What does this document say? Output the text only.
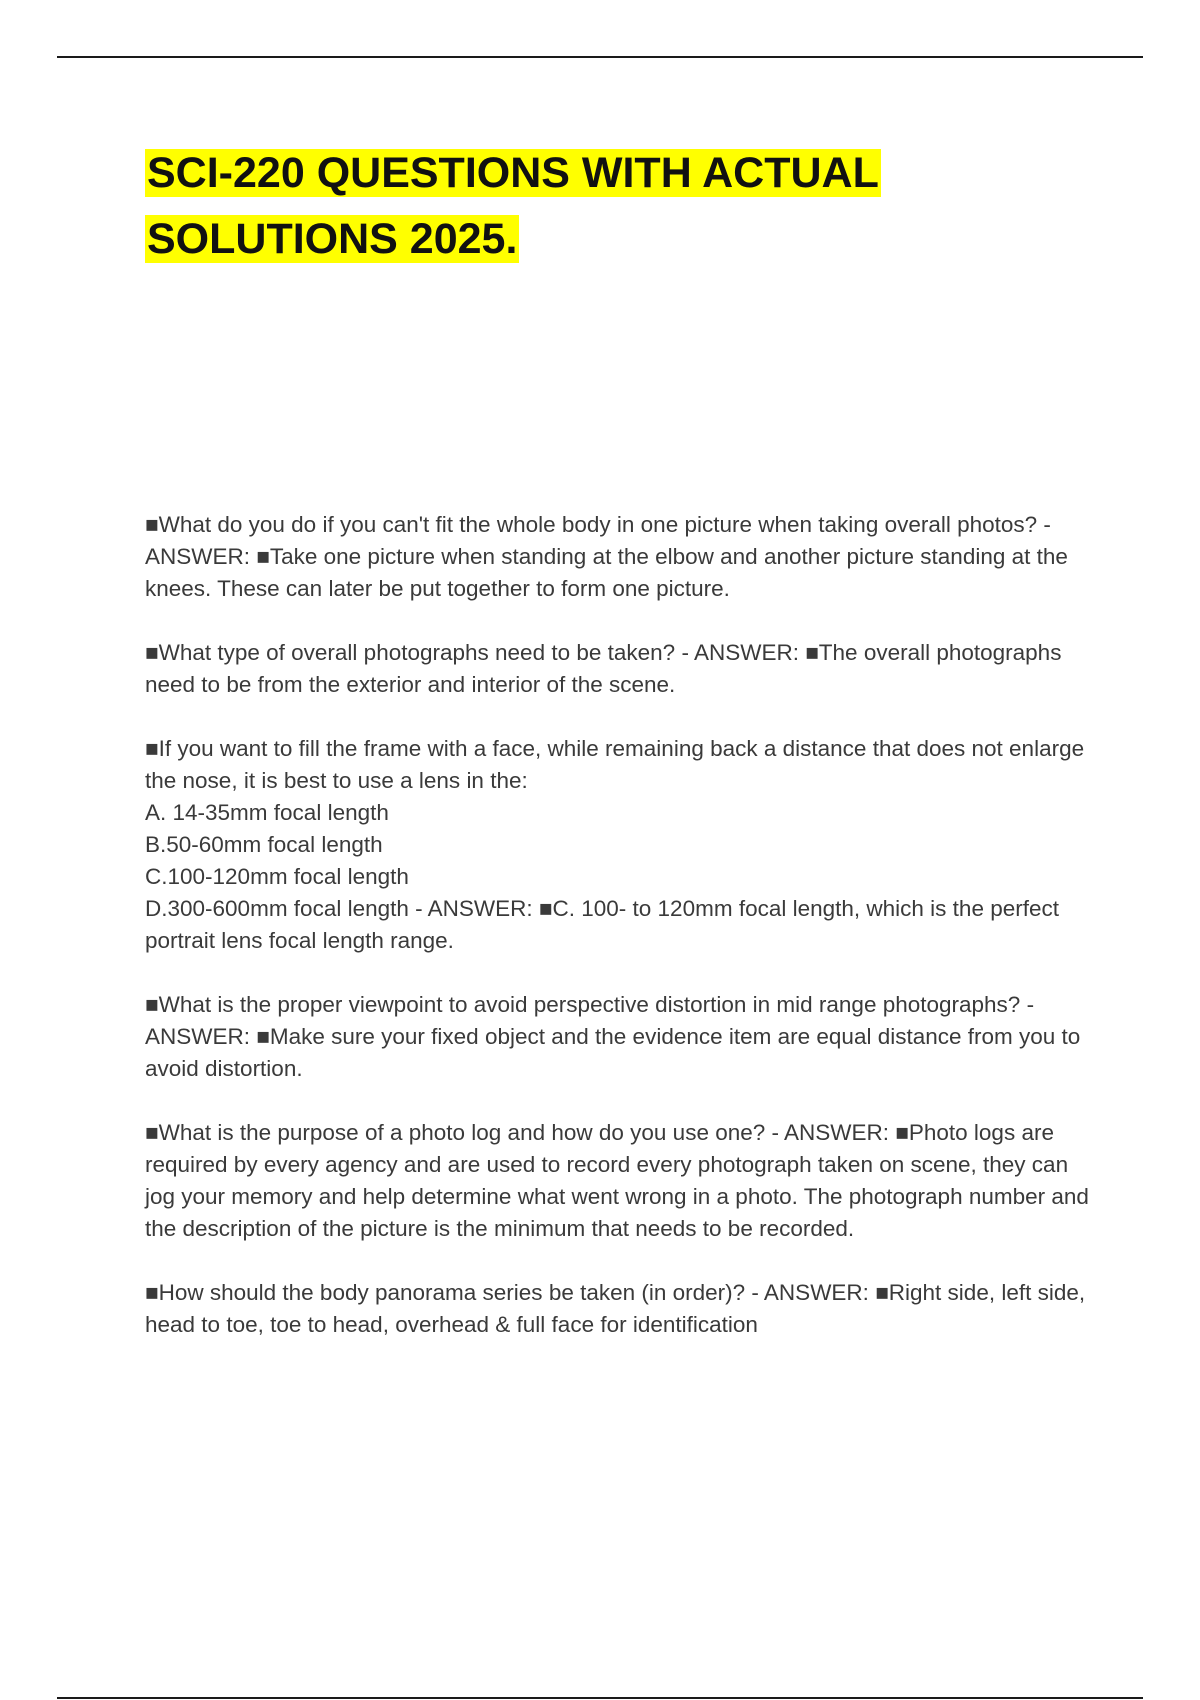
SCI-220 QUESTIONS WITH ACTUAL
SOLUTIONS 2025.

■What do you do if you can't fit the whole body in one picture when taking overall photos? - ANSWER: ■Take one picture when standing at the elbow and another picture standing at the knees. These can later be put together to form one picture.

■What type of overall photographs need to be taken? - ANSWER: ■The overall photographs need to be from the exterior and interior of the scene.

■If you want to fill the frame with a face, while remaining back a distance that does not enlarge the nose, it is best to use a lens in the:
A. 14-35mm focal length
B.50-60mm focal length
C.100-120mm focal length
D.300-600mm focal length - ANSWER: ■C. 100- to 120mm focal length, which is the perfect portrait lens focal length range.

■What is the proper viewpoint to avoid perspective distortion in mid range photographs? - ANSWER: ■Make sure your fixed object and the evidence item are equal distance from you to avoid distortion.

■What is the purpose of a photo log and how do you use one? - ANSWER: ■Photo logs are required by every agency and are used to record every photograph taken on scene, they can jog your memory and help determine what went wrong in a photo. The photograph number and the description of the picture is the minimum that needs to be recorded.

■How should the body panorama series be taken (in order)? - ANSWER: ■Right side, left side, head to toe, toe to head, overhead & full face for identification
